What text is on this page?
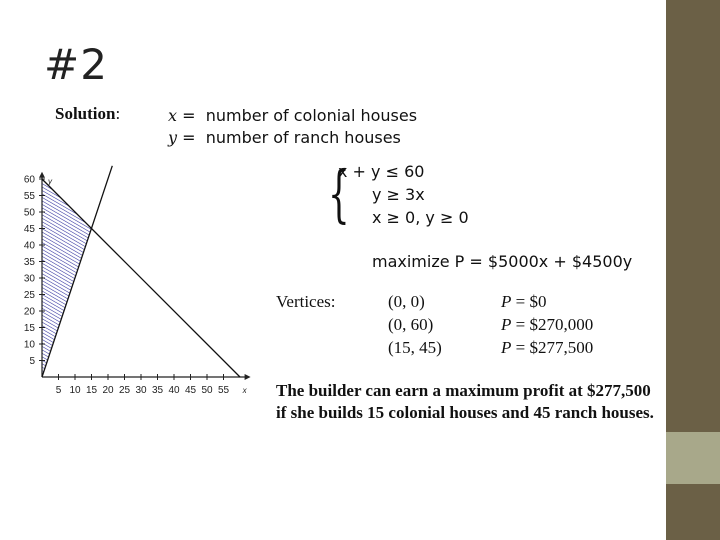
#2
Solution:	x = number of colonial houses
y = number of ranch houses
{
x + y ≤ 60
y ≥ 3x
x ≥ 0, y ≥ 0
maximize P = $5000x + $4500y
Vertices:	(0, 0)	P = $0
(0, 60)	P = $270,000
(15, 45)	P = $277,500
The builder can earn a maximum profit at $277,500 if she builds 15 colonial houses and 45 ranch houses.
5 10 15 20 25 30 35 40 45 50 55
5
10
15
20
25
30
35
40
45
50
55
60
x
y
